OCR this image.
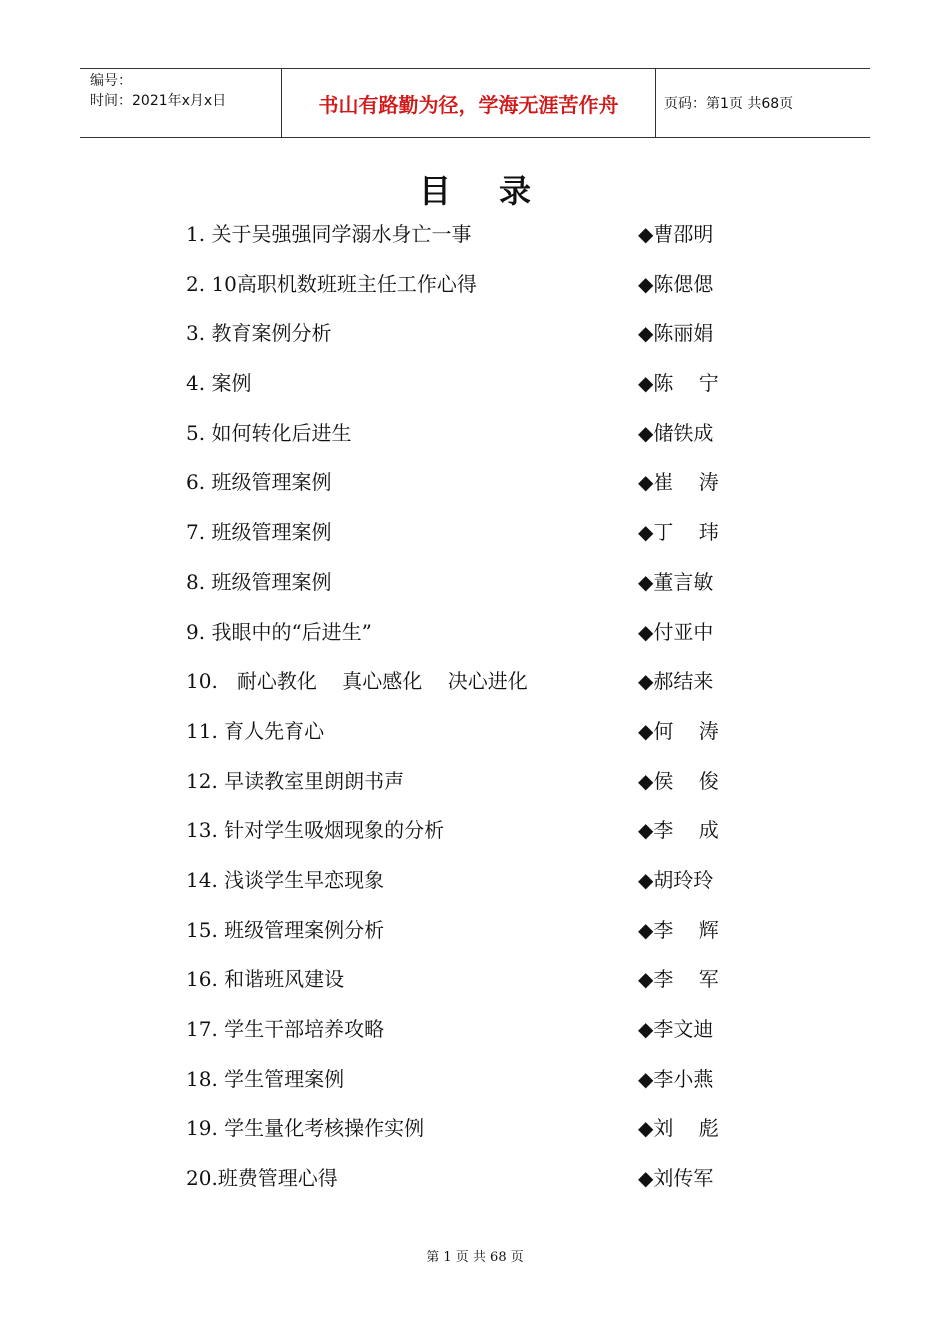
编号：
时间：2021年x月x日	书山有路勤为径，学海无涯苦作舟	页码：第1页 共68页
目录
1. 关于吴强强同学溺水身亡一事	◆曹邵明
2. 10高职机数班班主任工作心得	◆陈偲偲
3. 教育案例分析	◆陈丽娟
4. 案例	◆陈    宁
5. 如何转化后进生	◆储铁成
6. 班级管理案例	◆崔    涛
7. 班级管理案例	◆丁    玮
8. 班级管理案例	◆董言敏
9. 我眼中的“后进生”	◆付亚中
10.   耐心教化    真心感化    决心进化	◆郝结来
11. 育人先育心	◆何    涛
12. 早读教室里朗朗书声	◆侯    俊
13. 针对学生吸烟现象的分析	◆李    成
14. 浅谈学生早恋现象	◆胡玲玲
15. 班级管理案例分析	◆李    辉
16. 和谐班风建设	◆李    军
17. 学生干部培养攻略	◆李文迪
18. 学生管理案例	◆李小燕
19. 学生量化考核操作实例	◆刘    彪
20.班费管理心得	◆刘传军
第 1 页 共 68 页
